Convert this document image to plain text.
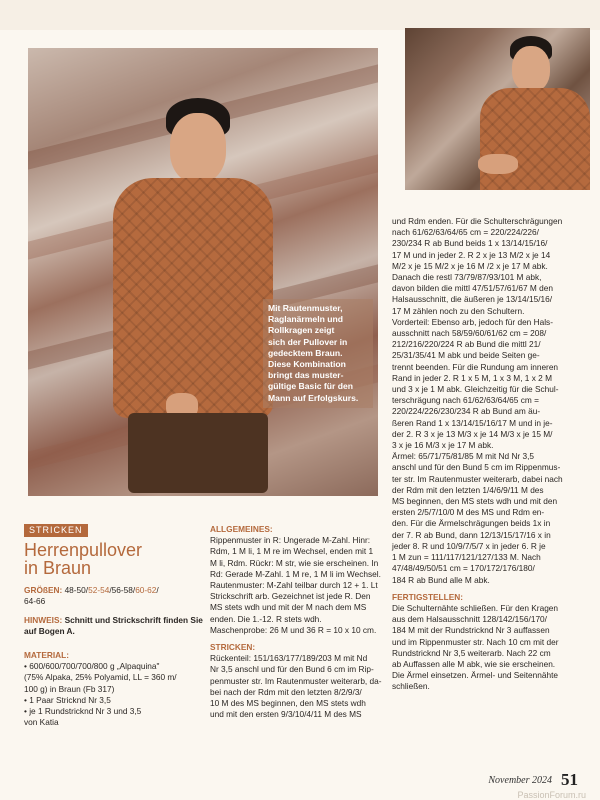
Mit Rautenmuster,
Raglanärmeln und
Rollkragen zeigt
sich der Pullover in
gedecktem Braun.
Diese Kombination
bringt das muster-
gültige Basic für den
Mann auf Erfolgskurs.
STRICKEN
Herrenpullover
in Braun
GRÖßEN: 48-50/52-54/56-58/60-62/
64-66
HINWEIS: Schnitt und Strickschrift finden Sie
auf Bogen A.
MATERIAL:
• 600/600/700/700/800 g „Alpaquina"
(75% Alpaka, 25% Polyamid, LL = 360 m/
100 g) in Braun (Fb 317)
• 1 Paar Stricknd Nr 3,5
• je 1 Rundstricknd Nr 3 und 3,5
von Katia
ALLGEMEINES:
Rippenmuster in R: Ungerade M-Zahl. Hinr:
Rdm, 1 M li, 1 M re im Wechsel, enden mit 1
M li, Rdm. Rückr: M str, wie sie erscheinen. In
Rd: Gerade M-Zahl. 1 M re, 1 M li im Wechsel.
Rautenmuster: M-Zahl teilbar durch 12 + 1. Lt
Strickschrift arb. Gezeichnet ist jede R. Den
MS stets wdh und mit der M nach dem MS
enden. Die 1.-12. R stets wdh.
Maschenprobe: 26 M und 36 R = 10 x 10 cm.
STRICKEN:
Rückenteil: 151/163/177/189/203 M mit Nd
Nr 3,5 anschl und für den Bund 6 cm im Rip-
penmuster str. Im Rautenmuster weiterarb, da-
bei nach der Rdm mit den letzten 8/2/9/3/
10 M des MS beginnen, den MS stets wdh
und mit den ersten 9/3/10/4/11 M des MS
und Rdm enden. Für die Schulterschrägungen
nach 61/62/63/64/65 cm = 220/224/226/
230/234 R ab Bund beids 1 x 13/14/15/16/
17 M und in jeder 2. R 2 x je 13 M/2 x je 14
M/2 x je 15 M/2 x je 16 M /2 x je 17 M abk.
Danach die restl 73/79/87/93/101 M abk,
davon bilden die mittl 47/51/57/61/67 M den
Halsausschnitt, die äußeren je 13/14/15/16/
17 M zählen noch zu den Schultern.
Vorderteil: Ebenso arb, jedoch für den Hals-
ausschnitt nach 58/59/60/61/62 cm = 208/
212/216/220/224 R ab Bund die mittl 21/
25/31/35/41 M abk und beide Seiten ge-
trennt beenden. Für die Rundung am inneren
Rand in jeder 2. R 1 x 5 M, 1 x 3 M, 1 x 2 M
und 3 x je 1 M abk. Gleichzeitig für die Schul-
terschrägung nach 61/62/63/64/65 cm =
220/224/226/230/234 R ab Bund am äu-
ßeren Rand 1 x 13/14/15/16/17 M und in je-
der 2. R 3 x je 13 M/3 x je 14 M/3 x je 15 M/
3 x je 16 M/3 x je 17 M abk.
Ärmel: 65/71/75/81/85 M mit Nd Nr 3,5
anschl und für den Bund 5 cm im Rippenmus-
ter str. Im Rautenmuster weiterarb, dabei nach
der Rdm mit den letzten 1/4/6/9/11 M des
MS beginnen, den MS stets wdh und mit den
ersten 2/5/7/10/0 M des MS und Rdm en-
den. Für die Ärmelschrägungen beids 1x in
der 7. R ab Bund, dann 12/13/15/17/16 x in
jeder 8. R und 10/9/7/5/7 x in jeder 6. R je
1 M zun = 111/117/121/127/133 M. Nach
47/48/49/50/51 cm = 170/172/176/180/
184 R ab Bund alle M abk.
FERTIGSTELLEN:
Die Schulternähte schließen. Für den Kragen
aus dem Halsausschnitt 128/142/156/170/
184 M mit der Rundstricknd Nr 3 auffassen
und im Rippenmuster str. Nach 10 cm mit der
Rundstricknd Nr 3,5 weiterarb. Nach 22 cm
ab Auffassen alle M abk, wie sie erscheinen.
Die Ärmel einsetzen. Ärmel- und Seitennähte
schließen.
November 2024 51
PassionForum.ru
